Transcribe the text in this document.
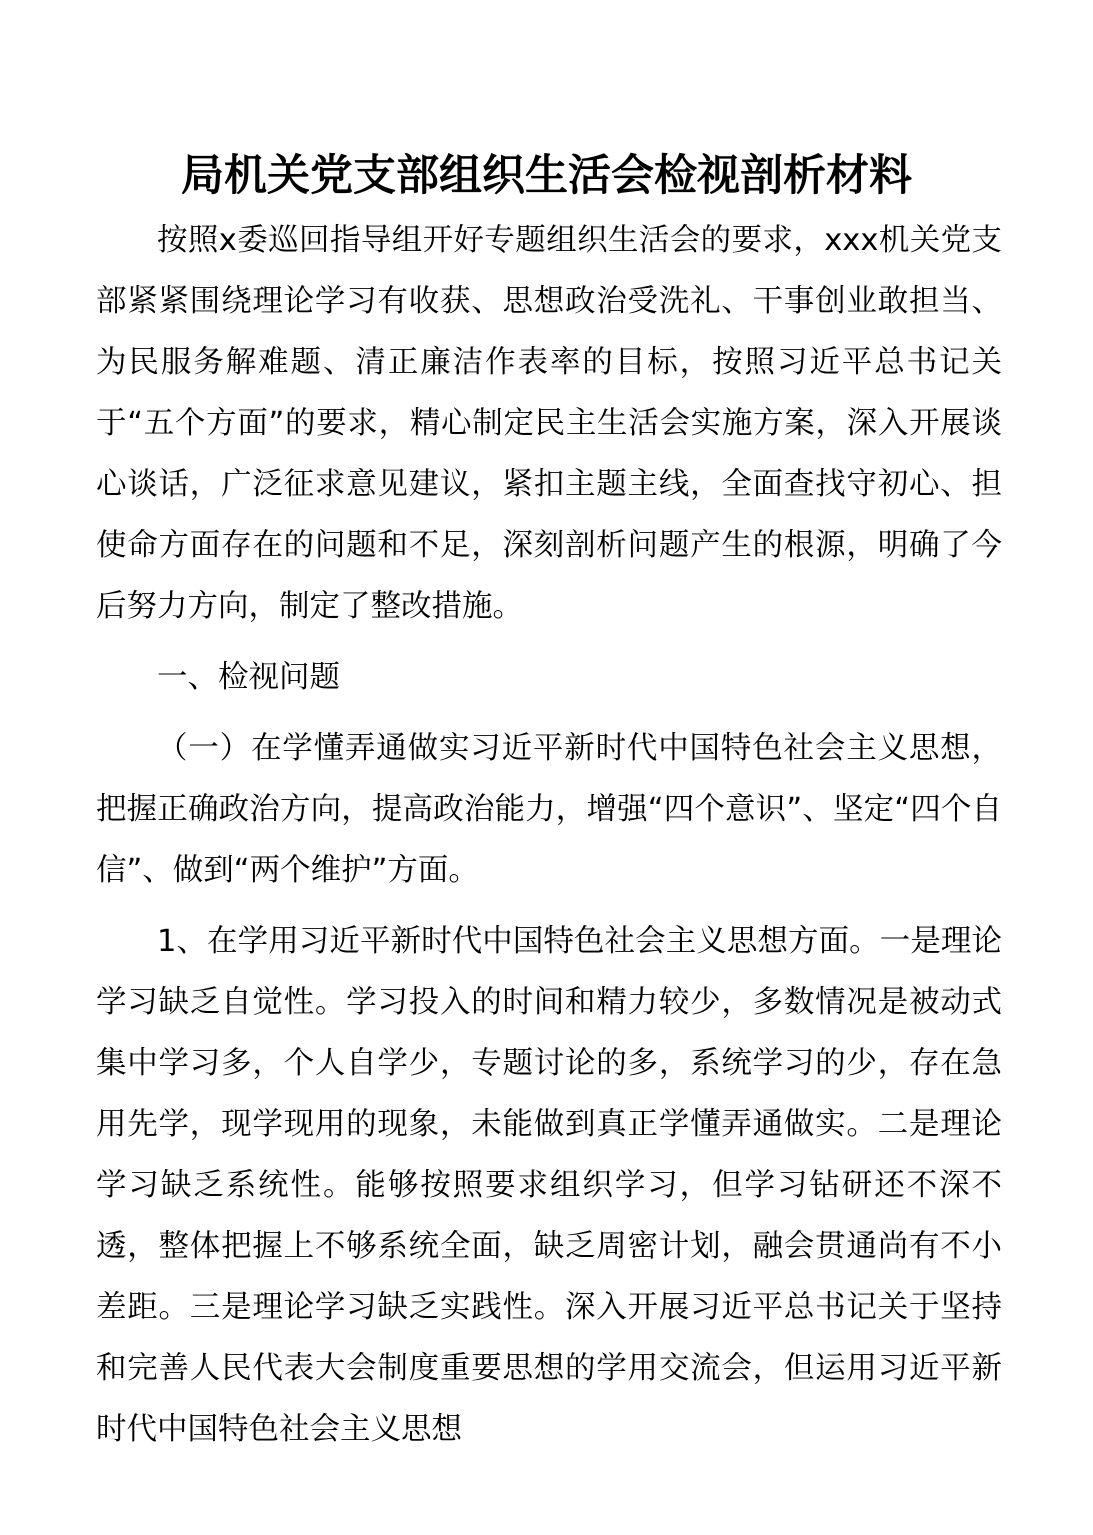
局机关党支部组织生活会检视剖析材料

按照x委巡回指导组开好专题组织生活会的要求，xxx机关党支部紧紧围绕理论学习有收获、思想政治受洗礼、干事创业敢担当、为民服务解难题、清正廉洁作表率的目标，按照习近平总书记关于“五个方面”的要求，精心制定民主生活会实施方案，深入开展谈心谈话，广泛征求意见建议，紧扣主题主线，全面查找守初心、担使命方面存在的问题和不足，深刻剖析问题产生的根源，明确了今后努力方向，制定了整改措施。

一、检视问题

（一）在学懂弄通做实习近平新时代中国特色社会主义思想，把握正确政治方向，提高政治能力，增强“四个意识”、坚定“四个自信”、做到“两个维护”方面。

1、在学用习近平新时代中国特色社会主义思想方面。一是理论学习缺乏自觉性。学习投入的时间和精力较少，多数情况是被动式集中学习多，个人自学少，专题讨论的多，系统学习的少，存在急用先学，现学现用的现象，未能做到真正学懂弄通做实。二是理论学习缺乏系统性。能够按照要求组织学习，但学习钻研还不深不透，整体把握上不够系统全面，缺乏周密计划，融会贯通尚有不小差距。三是理论学习缺乏实践性。深入开展习近平总书记关于坚持和完善人民代表大会制度重要思想的学用交流会，但运用习近平新时代中国特色社会主义思想
